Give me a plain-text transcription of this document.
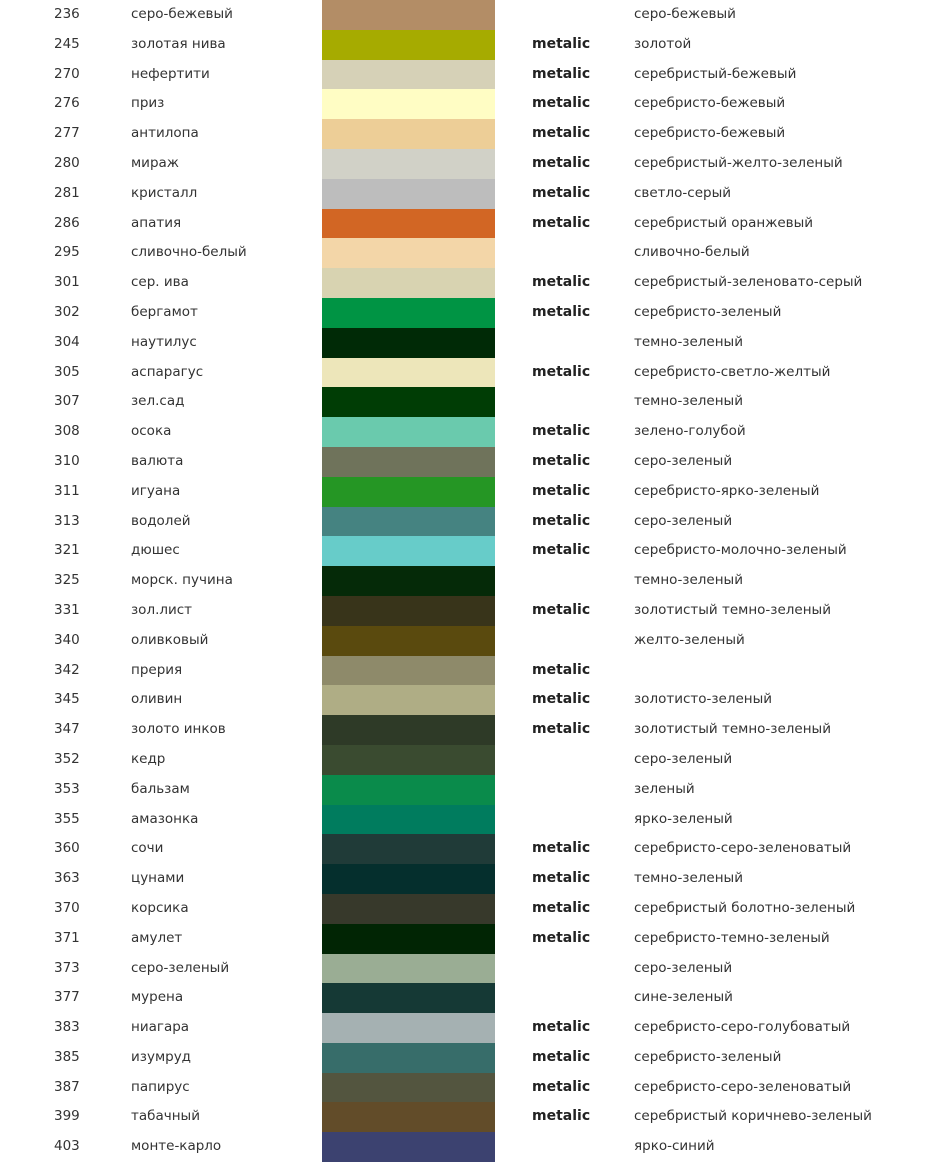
236	серо-бежевый	серо-бежевый
245	золотая нива	metalic	золотой
270	нефертити	metalic	серебристый-бежевый
276	приз	metalic	серебристо-бежевый
277	антилопа	metalic	серебристо-бежевый
280	мираж	metalic	серебристый-желто-зеленый
281	кристалл	metalic	светло-серый
286	апатия	metalic	серебристый оранжевый
295	сливочно-белый	сливочно-белый
301	сер. ива	metalic	серебристый-зеленовато-серый
302	бергамот	metalic	серебристо-зеленый
304	наутилус	темно-зеленый
305	аспарагус	metalic	серебристо-светло-желтый
307	зел.сад	темно-зеленый
308	осока	metalic	зелено-голубой
310	валюта	metalic	серо-зеленый
311	игуана	metalic	серебристо-ярко-зеленый
313	водолей	metalic	серо-зеленый
321	дюшес	metalic	серебристо-молочно-зеленый
325	морск. пучина	темно-зеленый
331	зол.лист	metalic	золотистый темно-зеленый
340	оливковый	желто-зеленый
342	прерия	metalic
345	оливин	metalic	золотисто-зеленый
347	золото инков	metalic	золотистый темно-зеленый
352	кедр	серо-зеленый
353	бальзам	зеленый
355	амазонка	ярко-зеленый
360	сочи	metalic	серебристо-серо-зеленоватый
363	цунами	metalic	темно-зеленый
370	корсика	metalic	серебристый болотно-зеленый
371	амулет	metalic	серебристо-темно-зеленый
373	серо-зеленый	серо-зеленый
377	мурена	сине-зеленый
383	ниагара	metalic	серебристо-серо-голубоватый
385	изумруд	metalic	серебристо-зеленый
387	папирус	metalic	серебристо-серо-зеленоватый
399	табачный	metalic	серебристый коричнево-зеленый
403	монте-карло	ярко-синий
